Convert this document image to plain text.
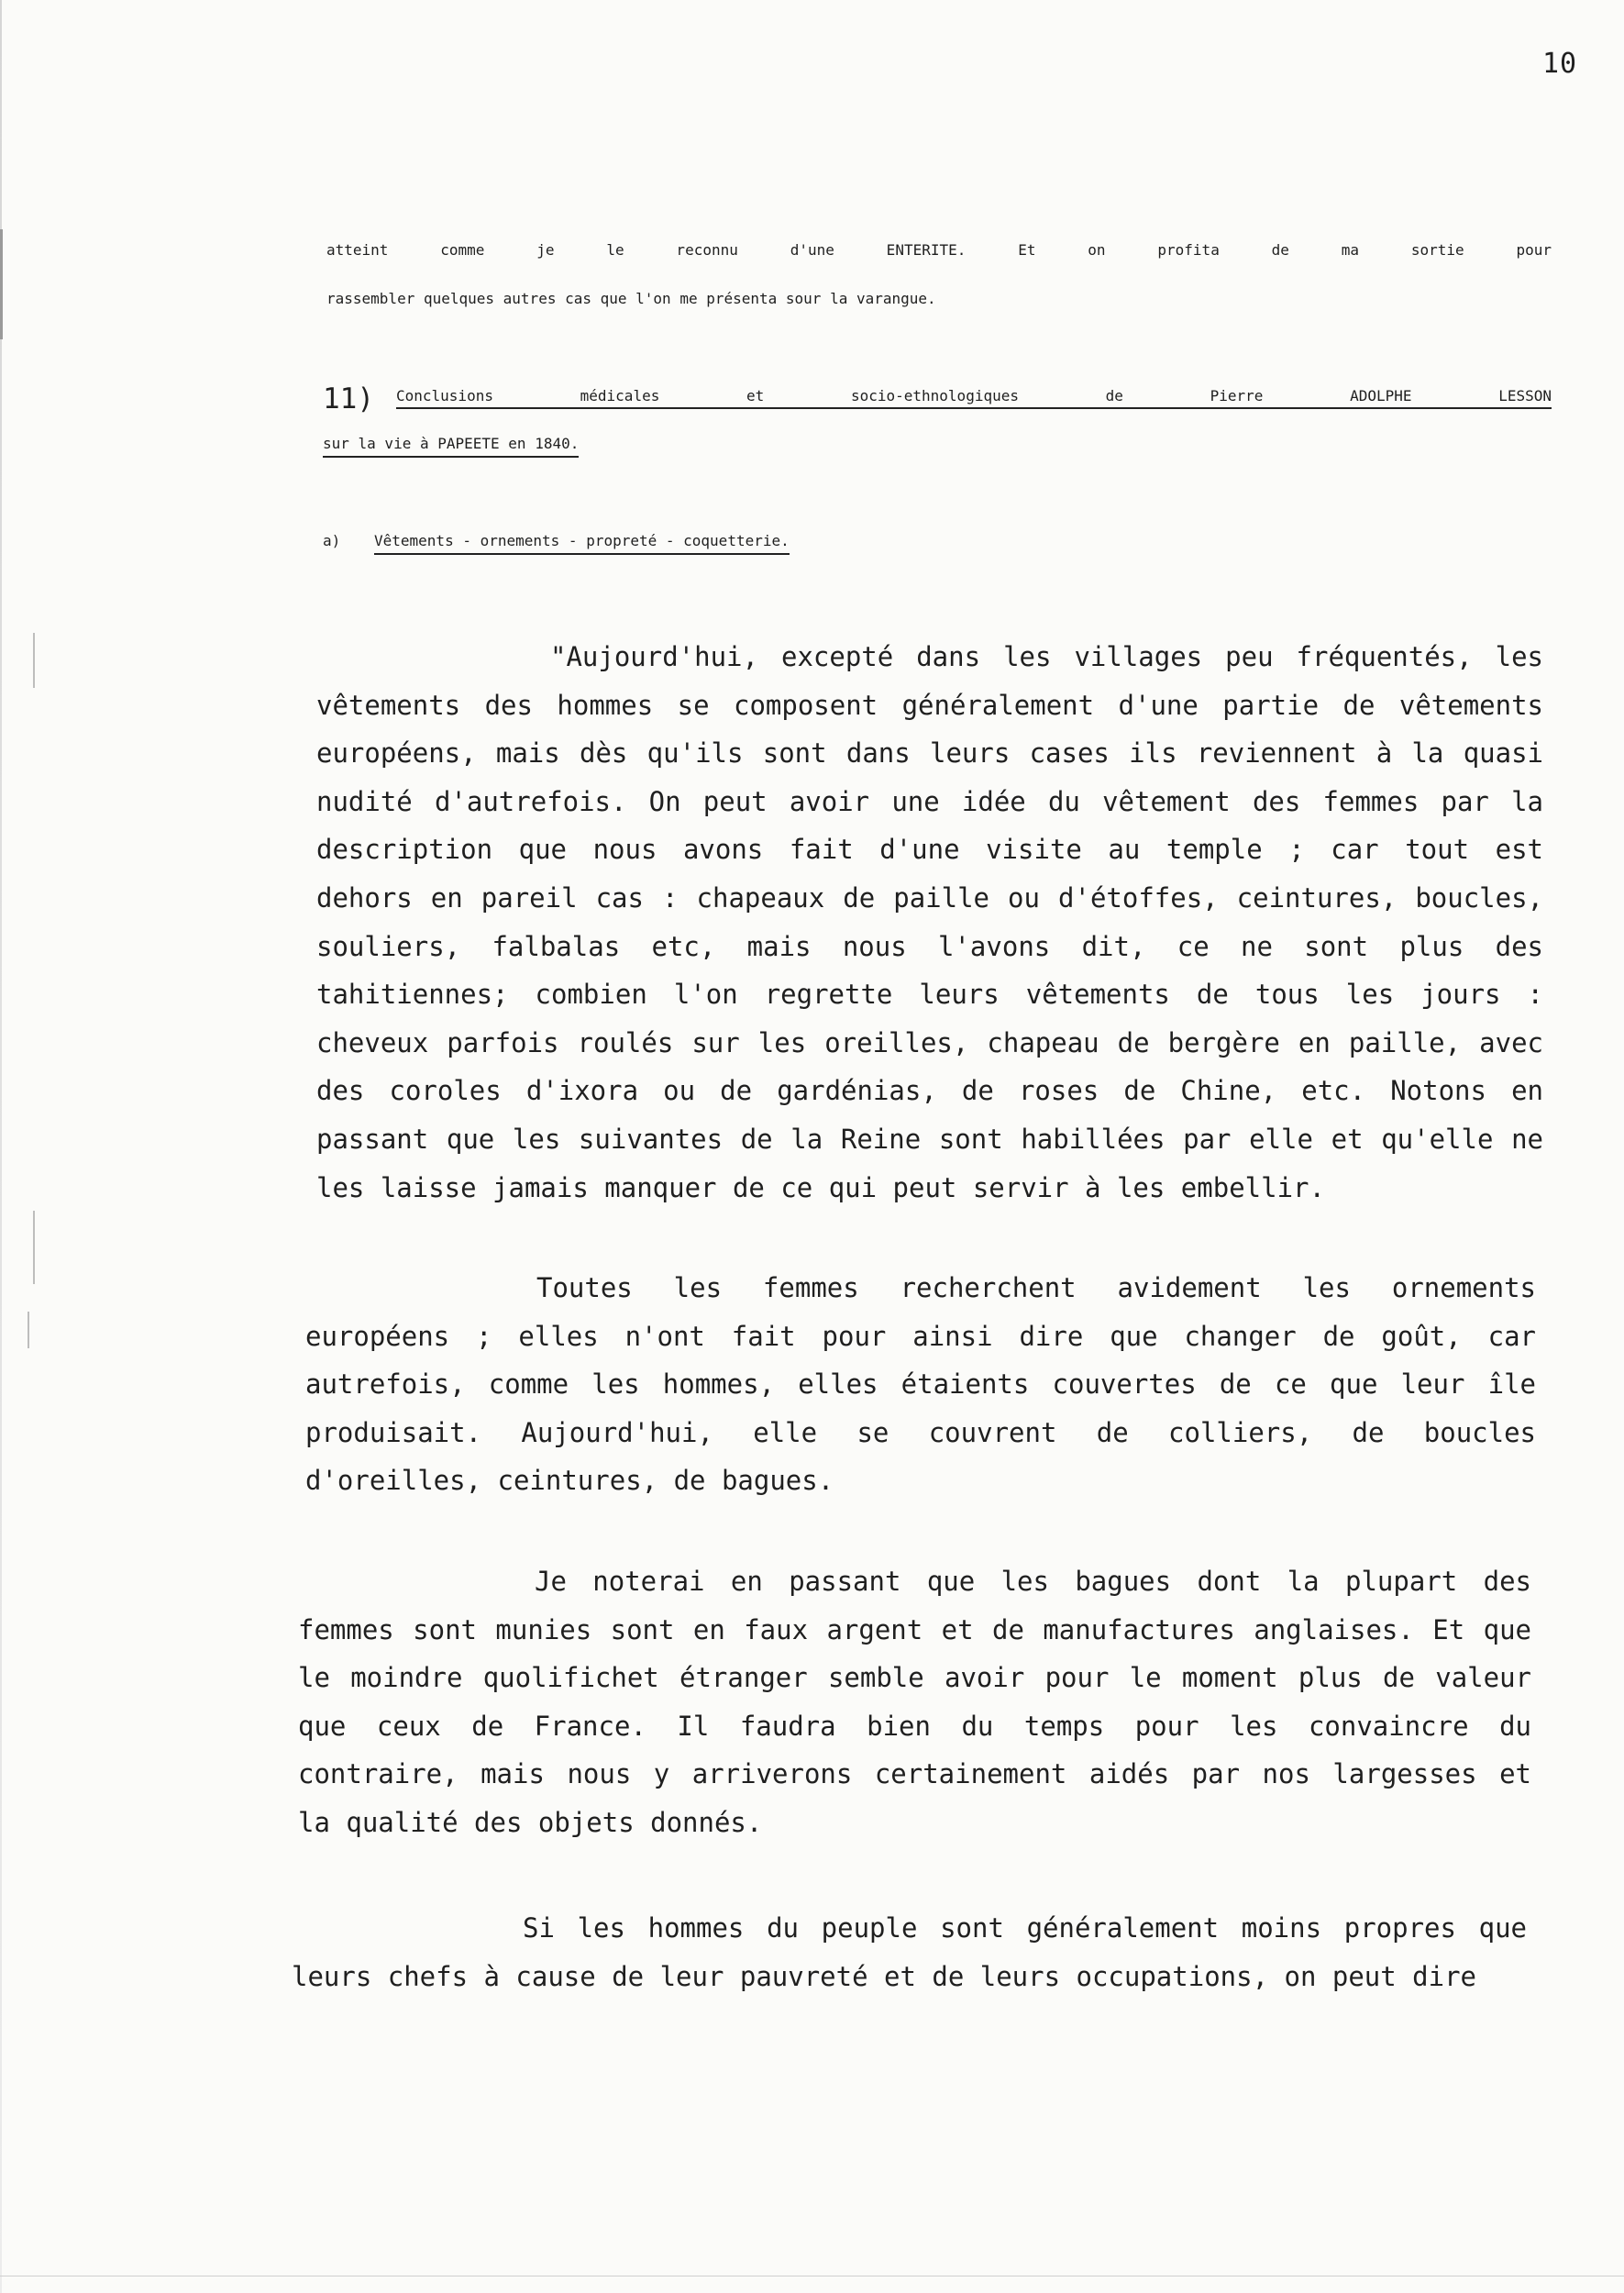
10
atteint comme je le reconnu d'une ENTERITE. Et on profita de ma sortie pour
rassembler quelques autres cas que l'on me présenta sour la varangue.
11) Conclusions médicales et socio-ethnologiques de Pierre ADOLPHE LESSON
sur la vie à PAPEETE en 1840.
a) Vêtements - ornements - propreté - coquetterie.
"Aujourd'hui, excepté dans les villages peu fréquentés, les
vêtements des hommes se composent généralement d'une partie de vêtements
européens, mais dès qu'ils sont dans leurs cases ils reviennent à la quasi
nudité d'autrefois. On peut avoir une idée du vêtement des femmes par la
description que nous avons fait d'une visite au temple ; car tout est
dehors en pareil cas : chapeaux de paille ou d'étoffes, ceintures, boucles,
souliers, falbalas etc, mais nous l'avons dit, ce ne sont plus des
tahitiennes; combien l'on regrette leurs vêtements de tous les jours :
cheveux parfois roulés sur les oreilles, chapeau de bergère en paille, avec
des coroles d'ixora ou de gardénias, de roses de Chine, etc. Notons en
passant que les suivantes de la Reine sont habillées par elle et qu'elle ne
les laisse jamais manquer de ce qui peut servir à les embellir.
Toutes les femmes recherchent avidement les ornements
européens ; elles n'ont fait pour ainsi dire que changer de goût, car
autrefois, comme les hommes, elles étaients couvertes de ce que leur île
produisait. Aujourd'hui, elle se couvrent de colliers, de boucles
d'oreilles, ceintures, de bagues.
Je noterai en passant que les bagues dont la plupart des
femmes sont munies sont en faux argent et de manufactures anglaises. Et que
le moindre quolifichet étranger semble avoir pour le moment plus de valeur
que ceux de France. Il faudra bien du temps pour les convaincre du
contraire, mais nous y arriverons certainement aidés par nos largesses et
la qualité des objets donnés.
Si les hommes du peuple sont généralement moins propres que
leurs chefs à cause de leur pauvreté et de leurs occupations, on peut dire
